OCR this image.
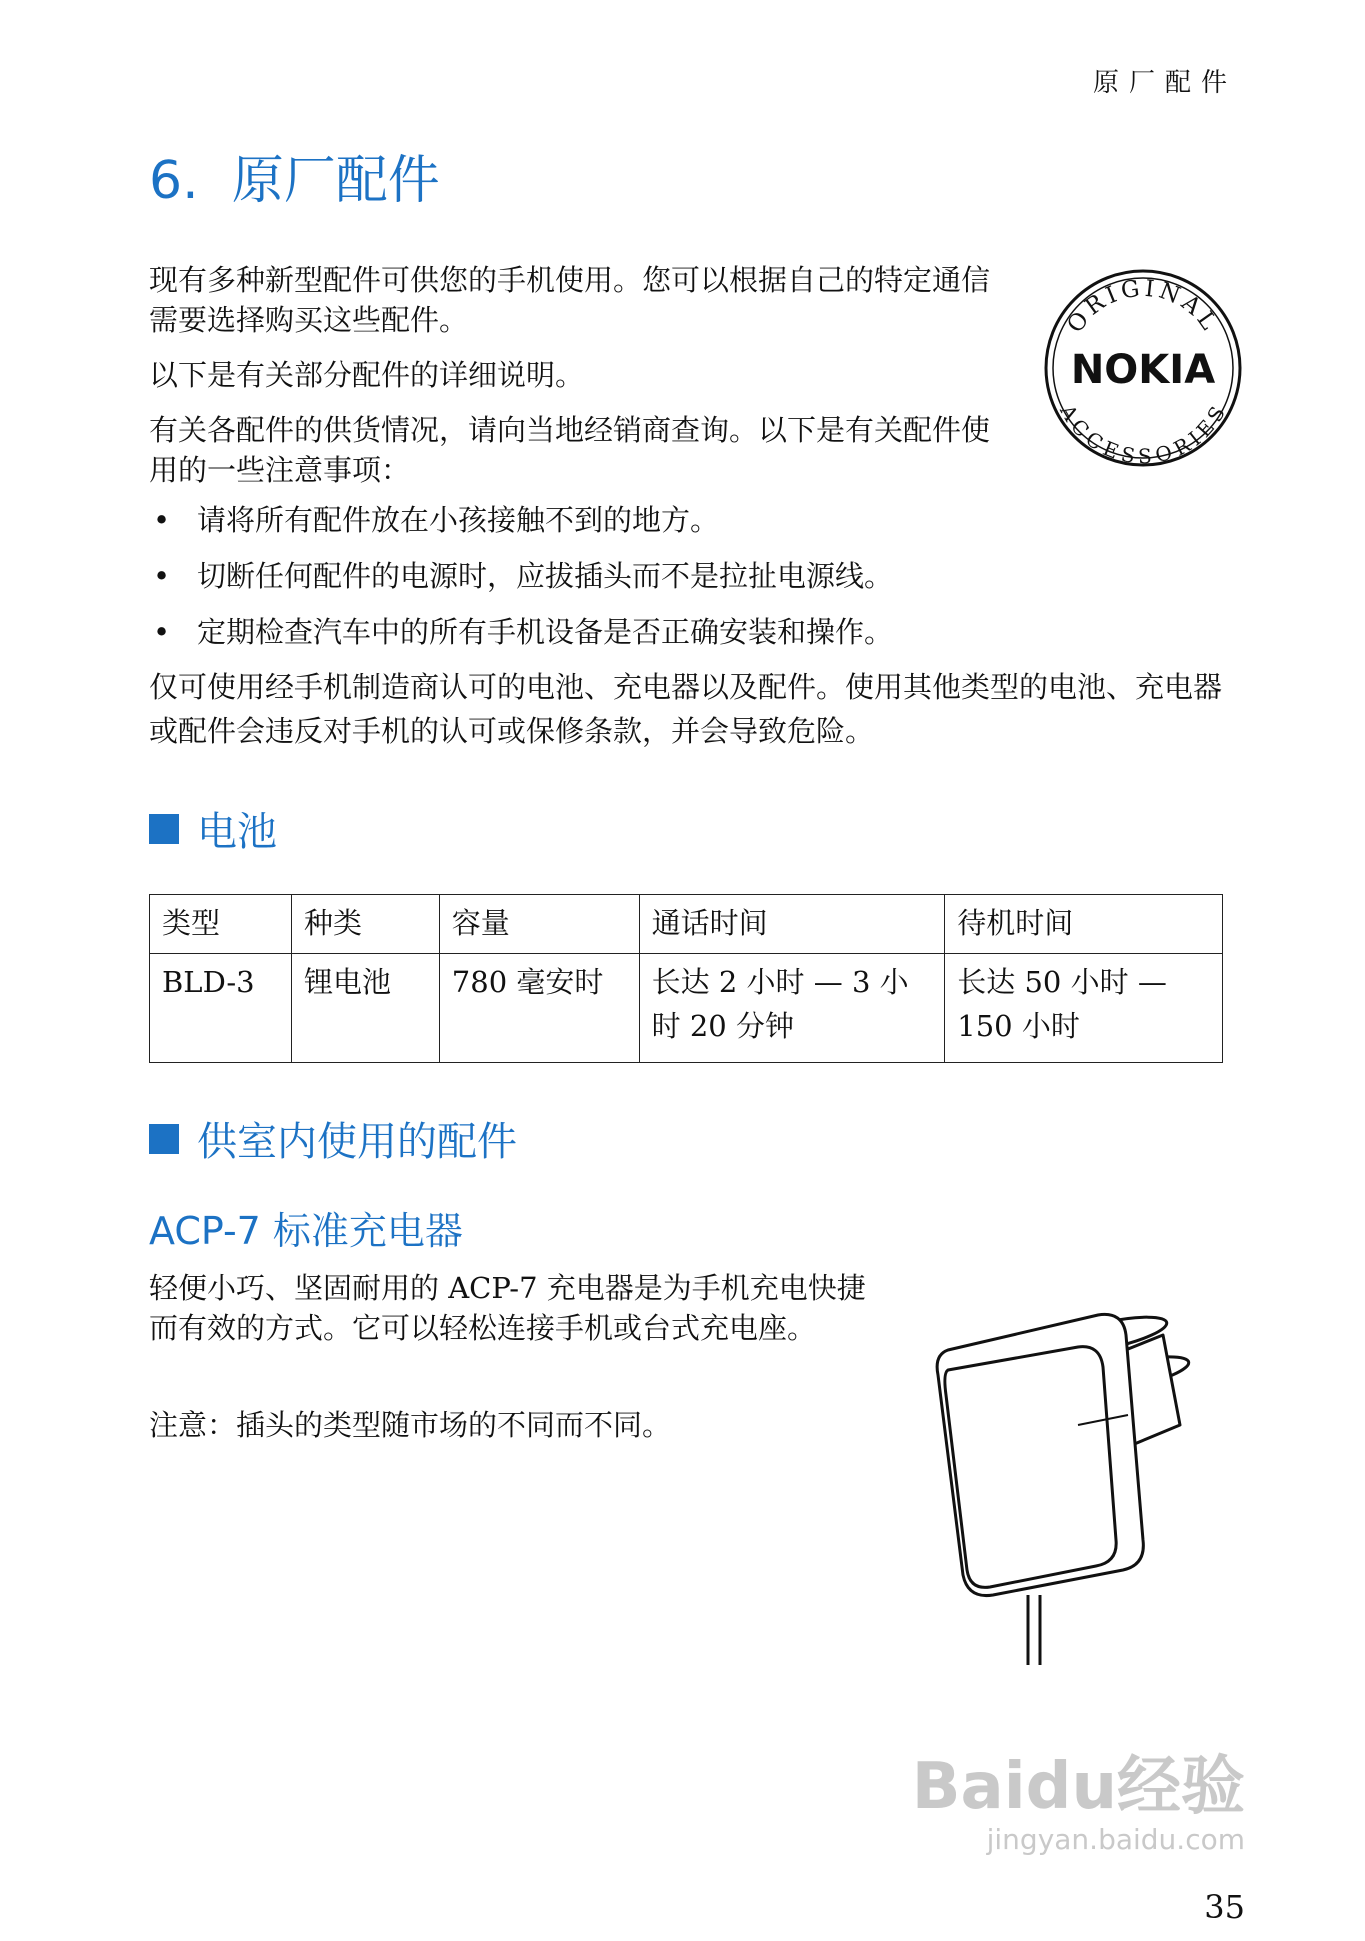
原厂配件
6. 原厂配件
现有多种新型配件可供您的手机使用。您可以根据自己的特定通信需要选择购买这些配件。
以下是有关部分配件的详细说明。
有关各配件的供货情况，请向当地经销商查询。以下是有关配件使用的一些注意事项：
ORIGINAL
ACCESSORIES
NOKIA
• 请将所有配件放在小孩接触不到的地方。
• 切断任何配件的电源时，应拔插头而不是拉扯电源线。
• 定期检查汽车中的所有手机设备是否正确安装和操作。
仅可使用经手机制造商认可的电池、充电器以及配件。使用其他类型的电池、充电器或配件会违反对手机的认可或保修条款，并会导致危险。
电池
类型	种类	容量	通话时间	待机时间
BLD-3	锂电池	780 毫安时	长达 2 小时 — 3 小时 20 分钟	长达 50 小时 — 150 小时
供室内使用的配件
ACP-7 标准充电器
轻便小巧、坚固耐用的 ACP-7 充电器是为手机充电快捷而有效的方式。它可以轻松连接手机或台式充电座。
注意：插头的类型随市场的不同而不同。
Baidu经验
jingyan.baidu.com
35
